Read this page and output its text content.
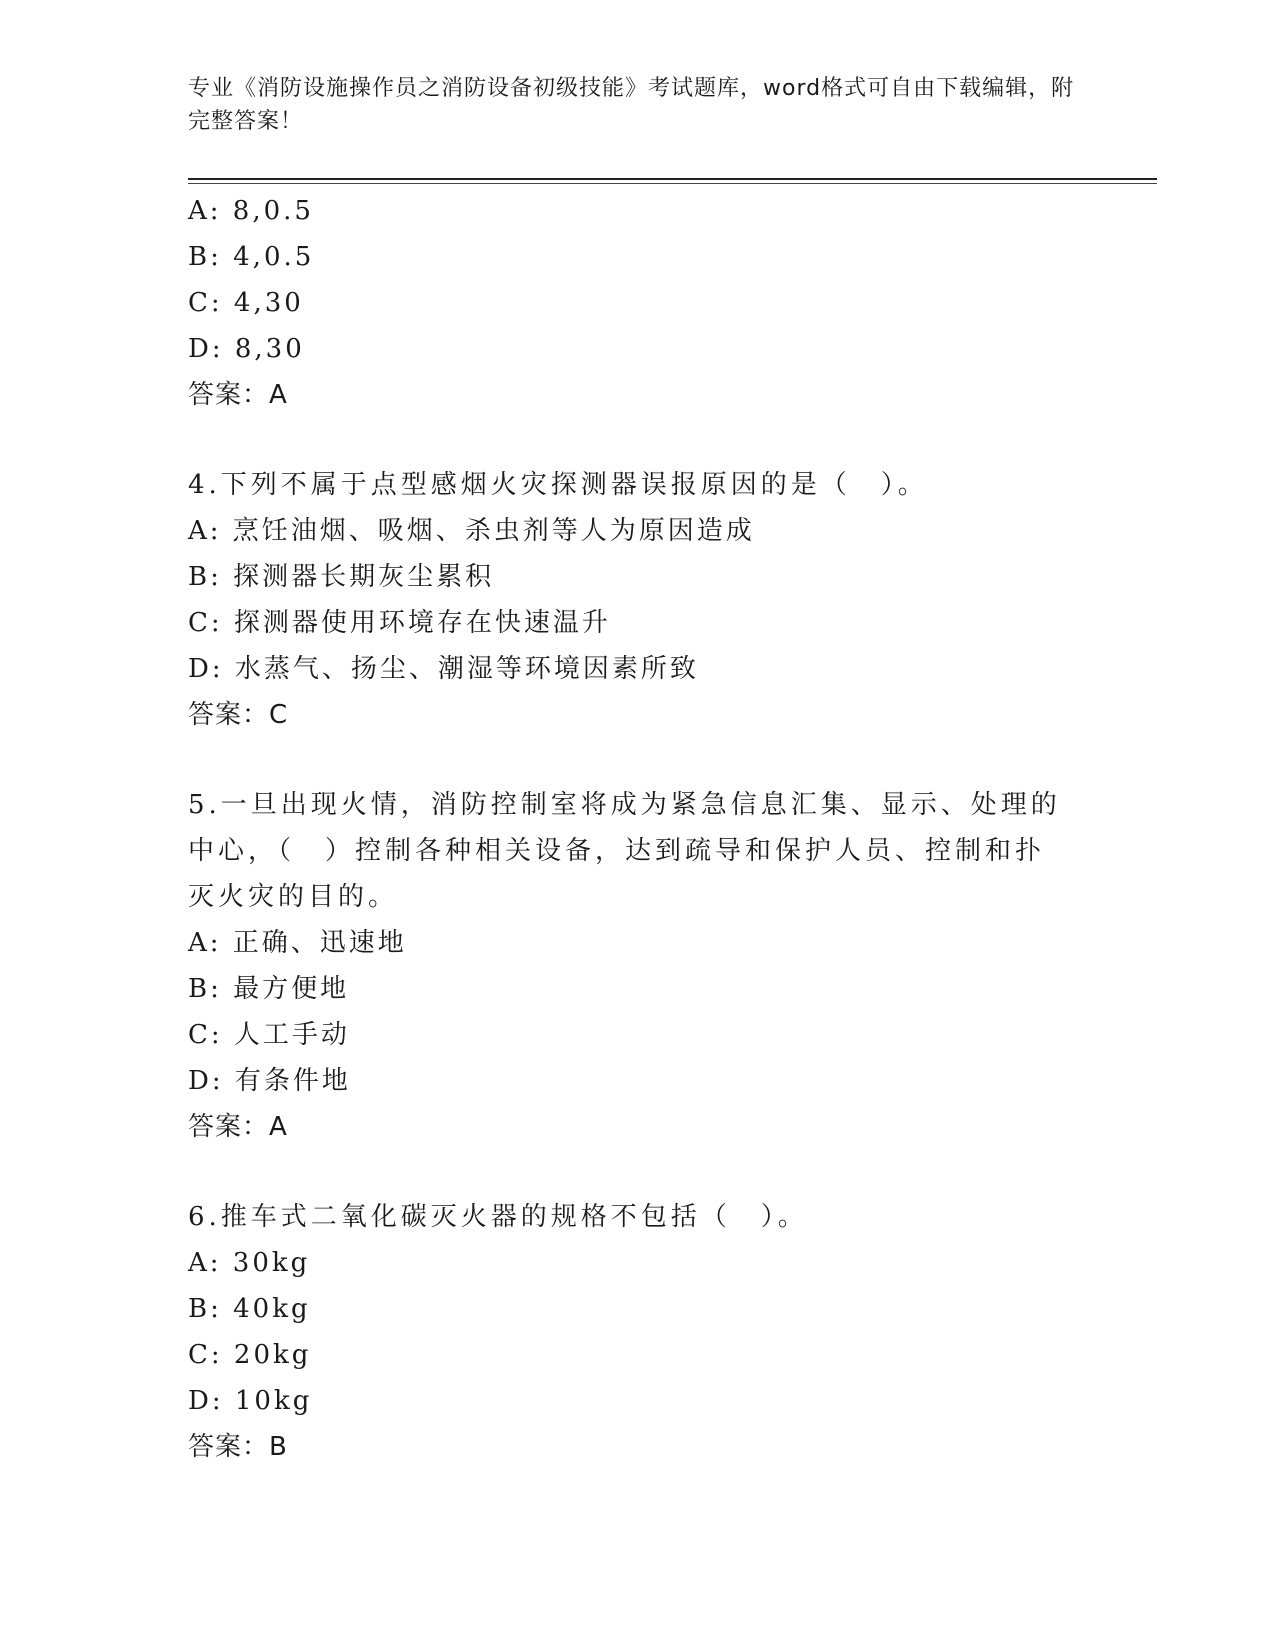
专业《消防设施操作员之消防设备初级技能》考试题库，word格式可自由下载编辑，附完整答案！
A: 8,0.5
B: 4,0.5
C: 4,30
D: 8,30
答案：A
4.下列不属于点型感烟火灾探测器误报原因的是（　）。
A: 烹饪油烟、吸烟、杀虫剂等人为原因造成
B: 探测器长期灰尘累积
C: 探测器使用环境存在快速温升
D: 水蒸气、扬尘、潮湿等环境因素所致
答案：C
5.一旦出现火情，消防控制室将成为紧急信息汇集、显示、处理的中心，（　）控制各种相关设备，达到疏导和保护人员、控制和扑灭火灾的目的。
A: 正确、迅速地
B: 最方便地
C: 人工手动
D: 有条件地
答案：A
6.推车式二氧化碳灭火器的规格不包括（　）。
A: 30kg
B: 40kg
C: 20kg
D: 10kg
答案：B
